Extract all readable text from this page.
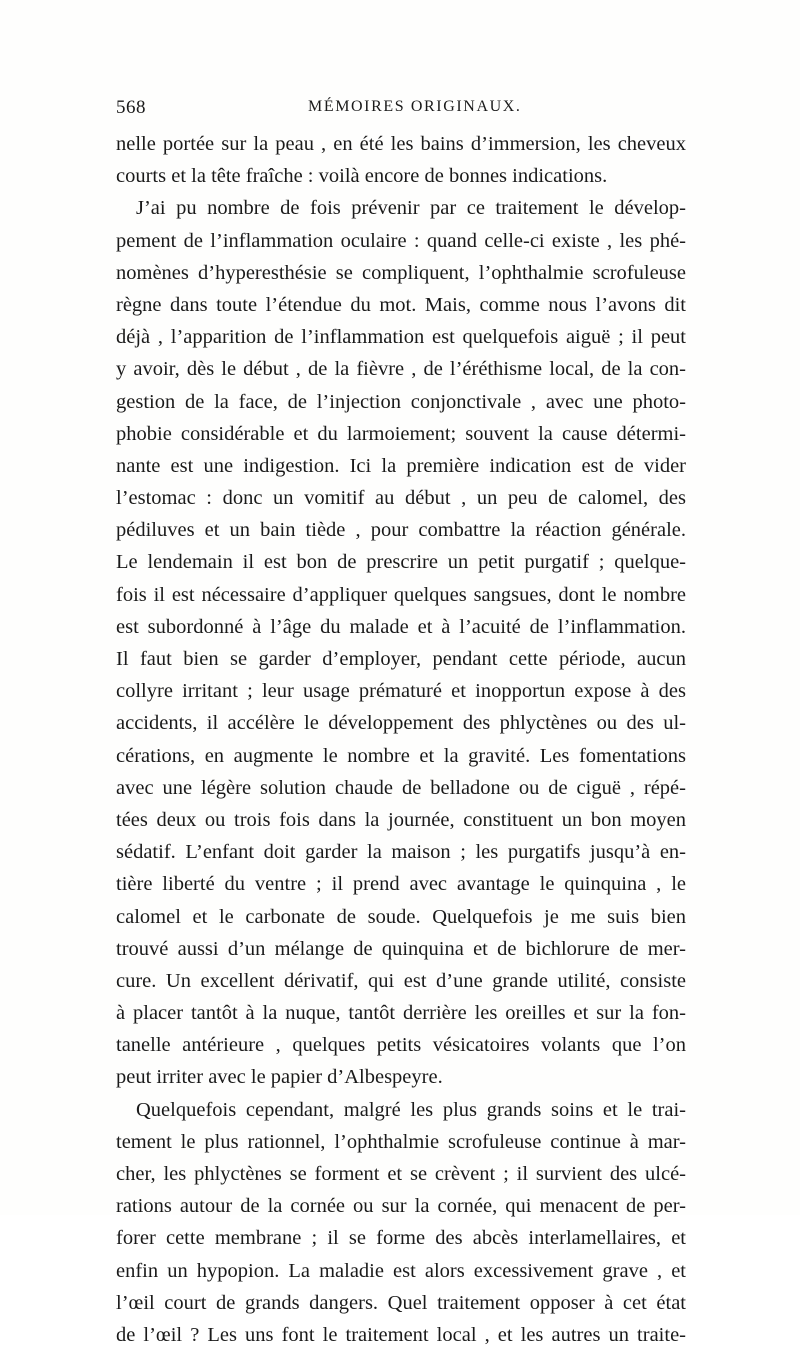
568	MÉMOIRES ORIGINAUX.
nelle portée sur la peau , en été les bains d’immersion, les cheveux
courts et la tête fraîche : voilà encore de bonnes indications.
J’ai pu nombre de fois prévenir par ce traitement le dévelop-
pement de l’inflammation oculaire : quand celle-ci existe , les phé-
nomènes d’hyperesthésie se compliquent, l’ophthalmie scrofuleuse
règne dans toute l’étendue du mot. Mais, comme nous l’avons dit
déjà , l’apparition de l’inflammation est quelquefois aiguë ; il peut
y avoir, dès le début , de la fièvre , de l’éréthisme local, de la con-
gestion de la face, de l’injection conjonctivale , avec une photo-
phobie considérable et du larmoiement; souvent la cause détermi-
nante est une indigestion. Ici la première indication est de vider
l’estomac : donc un vomitif au début , un peu de calomel, des
pédiluves et un bain tiède , pour combattre la réaction générale.
Le lendemain il est bon de prescrire un petit purgatif ; quelque-
fois il est nécessaire d’appliquer quelques sangsues, dont le nombre
est subordonné à l’âge du malade et à l’acuité de l’inflammation.
Il faut bien se garder d’employer, pendant cette période, aucun
collyre irritant ; leur usage prématuré et inopportun expose à des
accidents, il accélère le développement des phlyctènes ou des ul-
cérations, en augmente le nombre et la gravité. Les fomentations
avec une légère solution chaude de belladone ou de ciguë , répé-
tées deux ou trois fois dans la journée, constituent un bon moyen
sédatif. L’enfant doit garder la maison ; les purgatifs jusqu’à en-
tière liberté du ventre ; il prend avec avantage le quinquina , le
calomel et le carbonate de soude. Quelquefois je me suis bien
trouvé aussi d’un mélange de quinquina et de bichlorure de mer-
cure. Un excellent dérivatif, qui est d’une grande utilité, consiste
à placer tantôt à la nuque, tantôt derrière les oreilles et sur la fon-
tanelle antérieure , quelques petits vésicatoires volants que l’on
peut irriter avec le papier d’Albespeyre.
Quelquefois cependant, malgré les plus grands soins et le trai-
tement le plus rationnel, l’ophthalmie scrofuleuse continue à mar-
cher, les phlyctènes se forment et se crèvent ; il survient des ulcé-
rations autour de la cornée ou sur la cornée, qui menacent de per-
forer cette membrane ; il se forme des abcès interlamellaires, et
enfin un hypopion. La maladie est alors excessivement grave , et
l’œil court de grands dangers. Quel traitement opposer à cet état
de l’œil ? Les uns font le traitement local , et les autres un traite-
